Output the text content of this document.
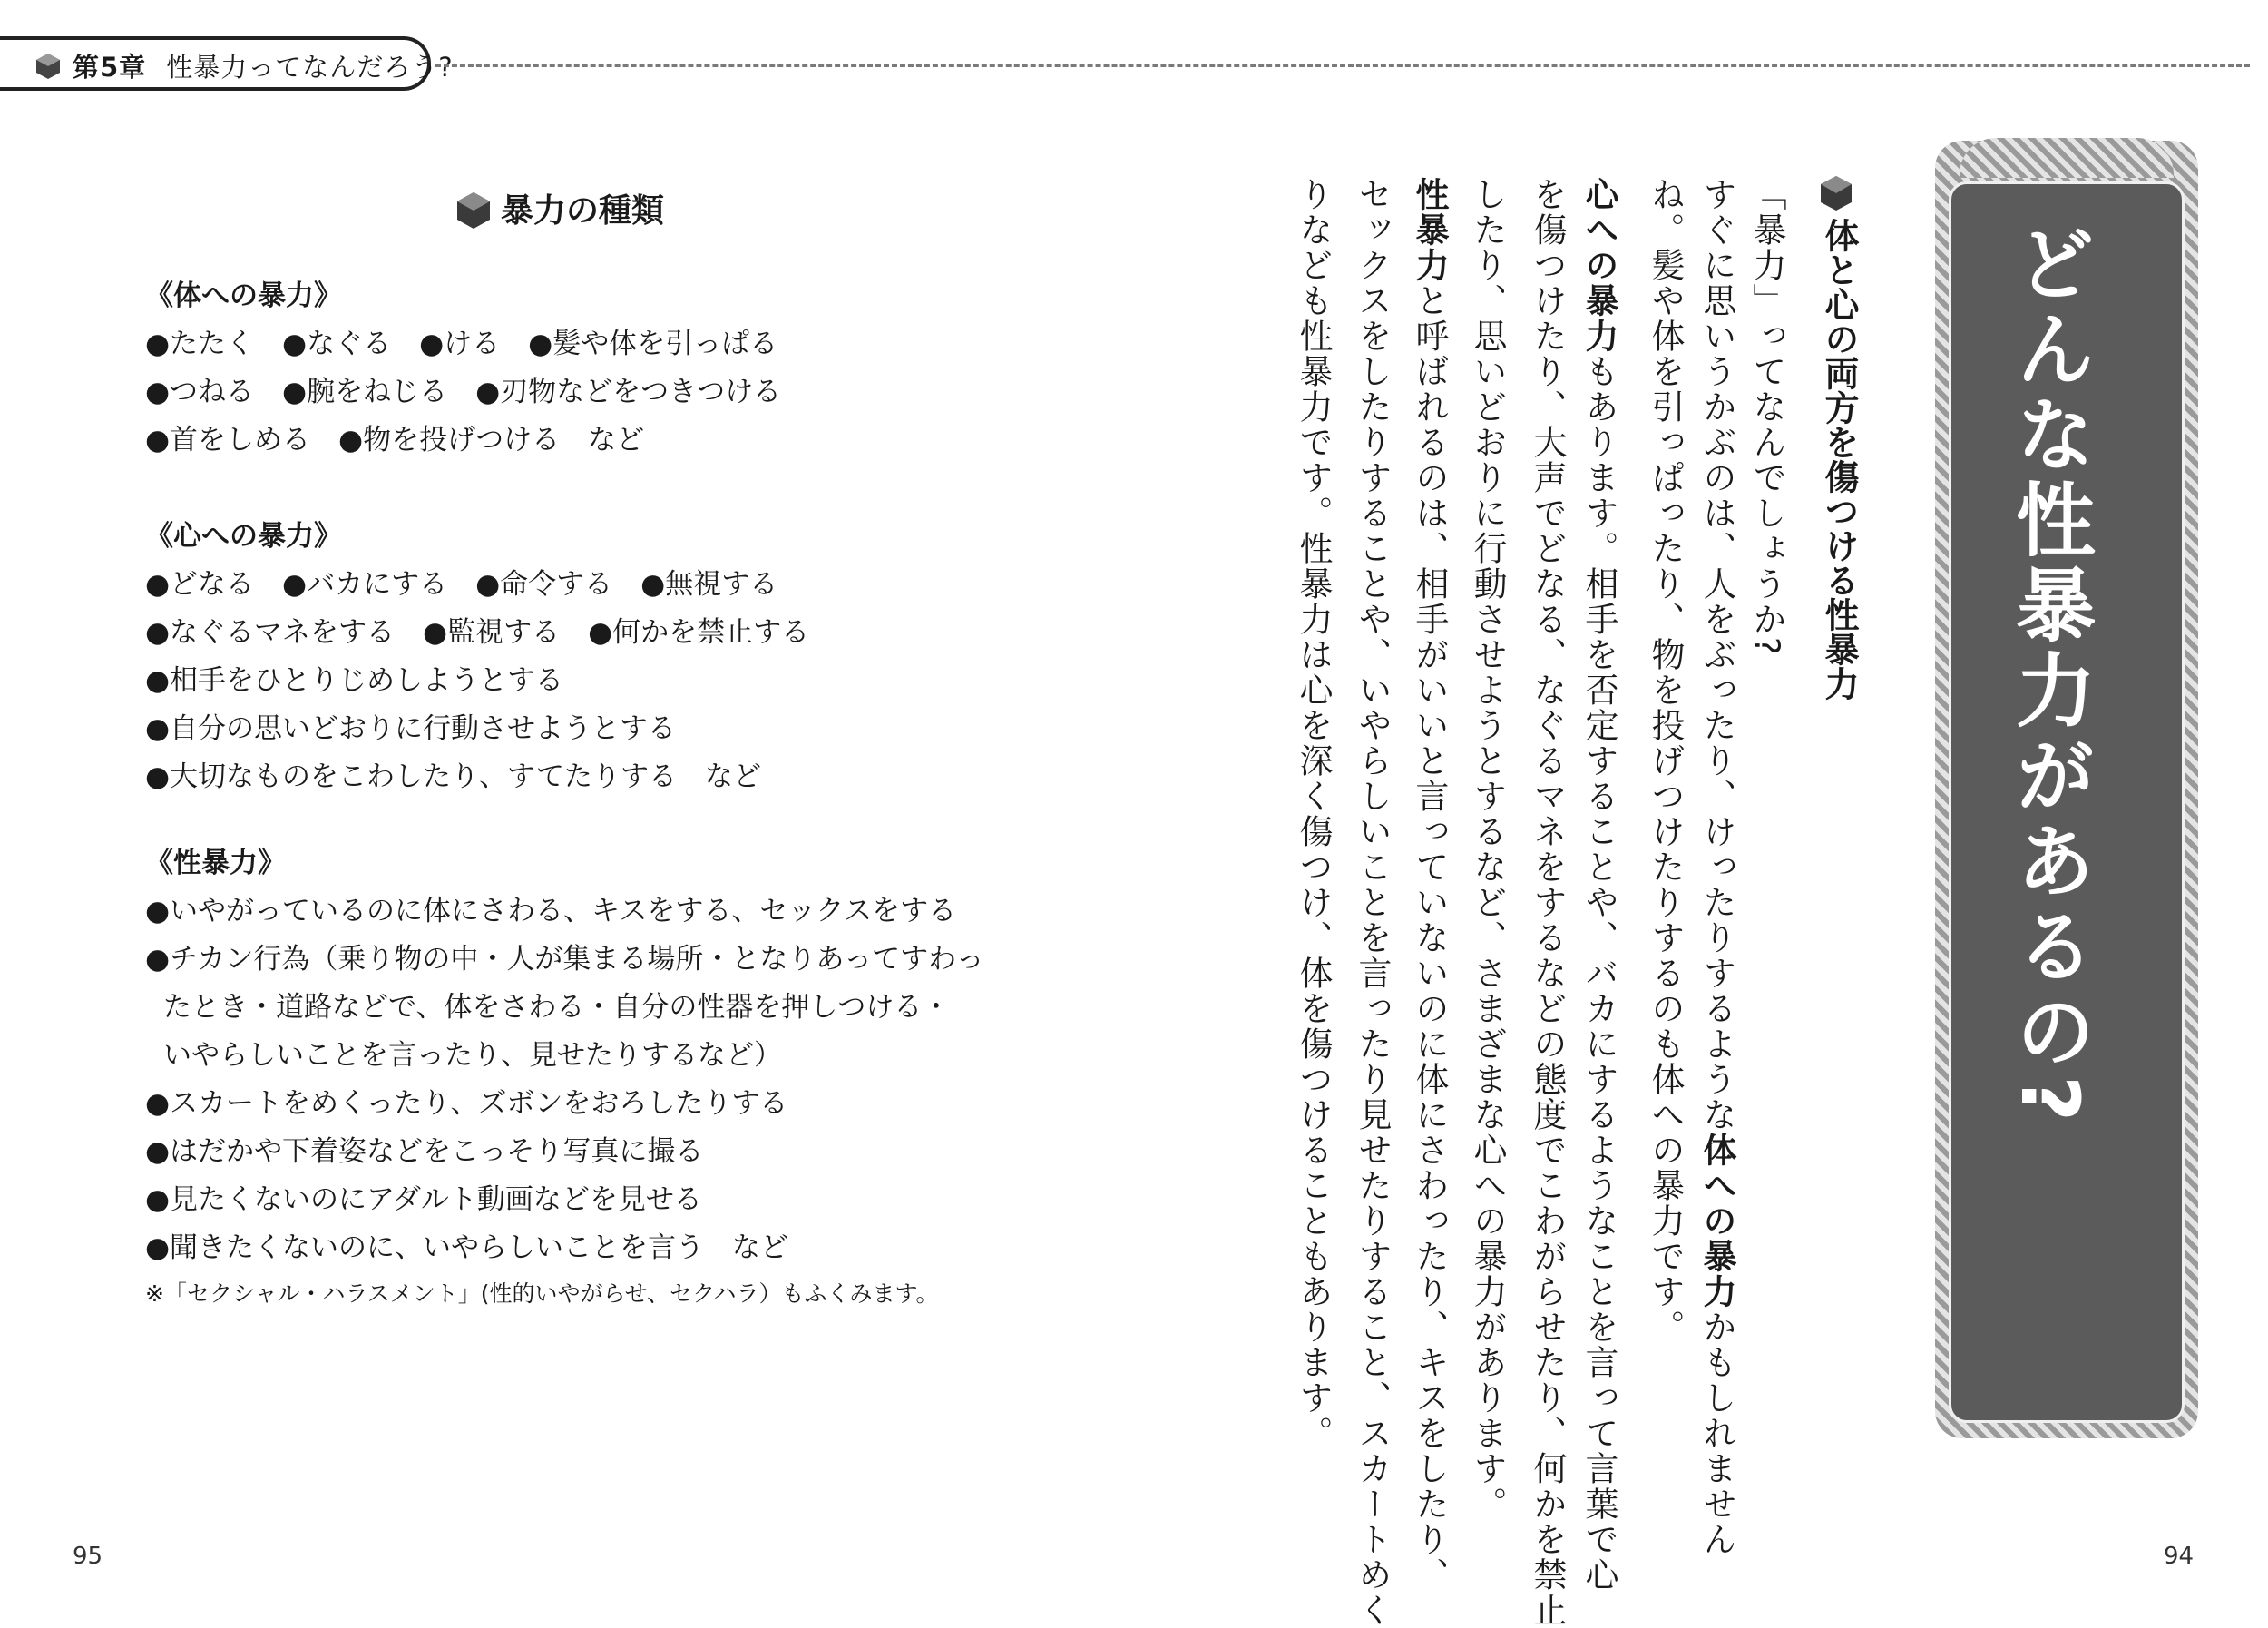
第5章 性暴力ってなんだろう?
暴力の種類
《体への暴力》
●たたく　●なぐる　●ける　●髪や体を引っぱる
●つねる　●腕をねじる　●刃物などをつきつける
●首をしめる　●物を投げつける　など
《心への暴力》
●どなる　●バカにする　●命令する　●無視する
●なぐるマネをする　●監視する　●何かを禁止する
●相手をひとりじめしようとする
●自分の思いどおりに行動させようとする
●大切なものをこわしたり、すてたりする　など
《性暴力》
●いやがっているのに体にさわる、キスをする、セックスをする
●チカン行為（乗り物の中・人が集まる場所・となりあってすわっ
たとき・道路などで、体をさわる・自分の性器を押しつける・
いやらしいことを言ったり、見せたりするなど）
●スカートをめくったり、ズボンをおろしたりする
●はだかや下着姿などをこっそり写真に撮る
●見たくないのにアダルト動画などを見せる
●聞きたくないのに、いやらしいことを言う　など
※「セクシャル・ハラスメント」(性的いやがらせ、セクハラ）もふくみます。
95
「暴力」ってなんでしょうか?
すぐに思いうかぶのは、人をぶったり、けったりするような体への暴力かもしれません
ね。髪や体を引っぱったり、物を投げつけたりするのも体への暴力です。
心への暴力もあります。相手を否定することや、バカにするようなことを言って言葉で心
を傷つけたり、大声でどなる、なぐるマネをするなどの態度でこわがらせたり、何かを禁止
したり、思いどおりに行動させようとするなど、さまざまな心への暴力があります。
性暴力と呼ばれるのは、相手がいいと言っていないのに体にさわったり、キスをしたり、
セックスをしたりすることや、いやらしいことを言ったり見せたりすること、スカートめく
りなども性暴力です。性暴力は心を深く傷つけ、体を傷つけることもあります。	体と心の両方を傷つける性暴力 どんな性暴力があるの?
94
